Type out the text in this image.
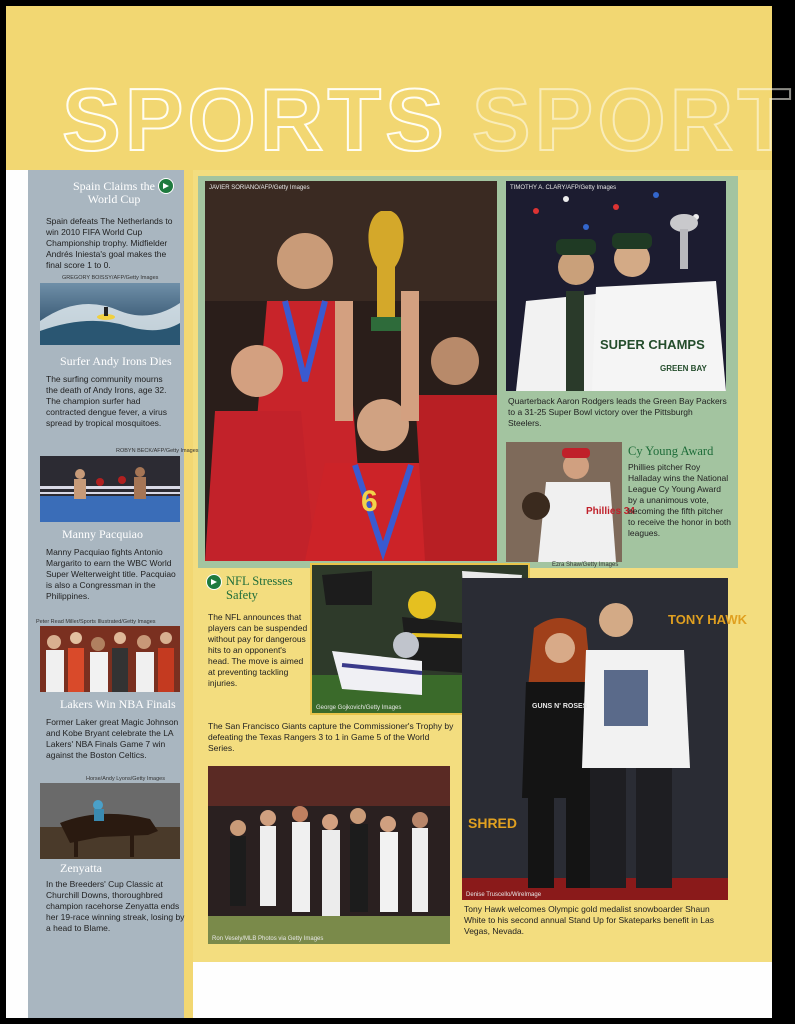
SPORTS SPORT
Spain Claims the World Cup
Spain defeats The Netherlands to win 2010 FIFA World Cup Championship trophy. Midfielder Andrés Iniesta's goal makes the final score 1 to 0.
GREGORY BOISSY/AFP/Getty Images
Surfer Andy Irons Dies
The surfing community mourns the death of Andy Irons, age 32. The champion surfer had contracted dengue fever, a virus spread by tropical mosquitoes.
ROBYN BECK/AFP/Getty Images
Manny Pacquiao
Manny Pacquiao fights Antonio Margarito to earn the WBC World Super Welterweight title. Pacquiao is also a Congressman in the Philippines.
Peter Read Miller/Sports Illustrated/Getty Images
Lakers Win NBA Finals
Former Laker great Magic Johnson and Kobe Bryant celebrate the LA Lakers' NBA Finals Game 7 win against the Boston Celtics.
Horse/Andy Lyons/Getty Images
Zenyatta
In the Breeders' Cup Classic at Churchill Downs, thoroughbred champion racehorse Zenyatta ends her 19-race winning streak, losing by a head to Blame.
6
JAVIER SORIANO/AFP/Getty Images
SUPER CHAMPS
GREEN BAY
TIMOTHY A. CLARY/AFP/Getty Images
Quarterback Aaron Rodgers leads the Green Bay Packers to a 31-25 Super Bowl victory over the Pittsburgh Steelers.
Phillies 34
Cy Young Award
Phillies pitcher Roy Halladay wins the National League Cy Young Award by a unanimous vote, becoming the fifth pitcher to receive the honor in both leagues.
Ezra Shaw/Getty Images
NFL Stresses Safety
The NFL announces that players can be suspended without pay for dangerous hits to an opponent's head. The move is aimed at preventing tackling injuries.
George Gojkovich/Getty Images
The San Francisco Giants capture the Commissioner's Trophy by defeating the Texas Rangers 3 to 1 in Game 5 of the World Series.
Ron Vesely/MLB Photos via Getty Images
TONY HAWK
SHRED
GUNS N' ROSES
Denise Truscello/WireImage
Tony Hawk welcomes Olympic gold medalist snowboarder Shaun White to his second annual Stand Up for Skateparks benefit in Las Vegas, Nevada.
